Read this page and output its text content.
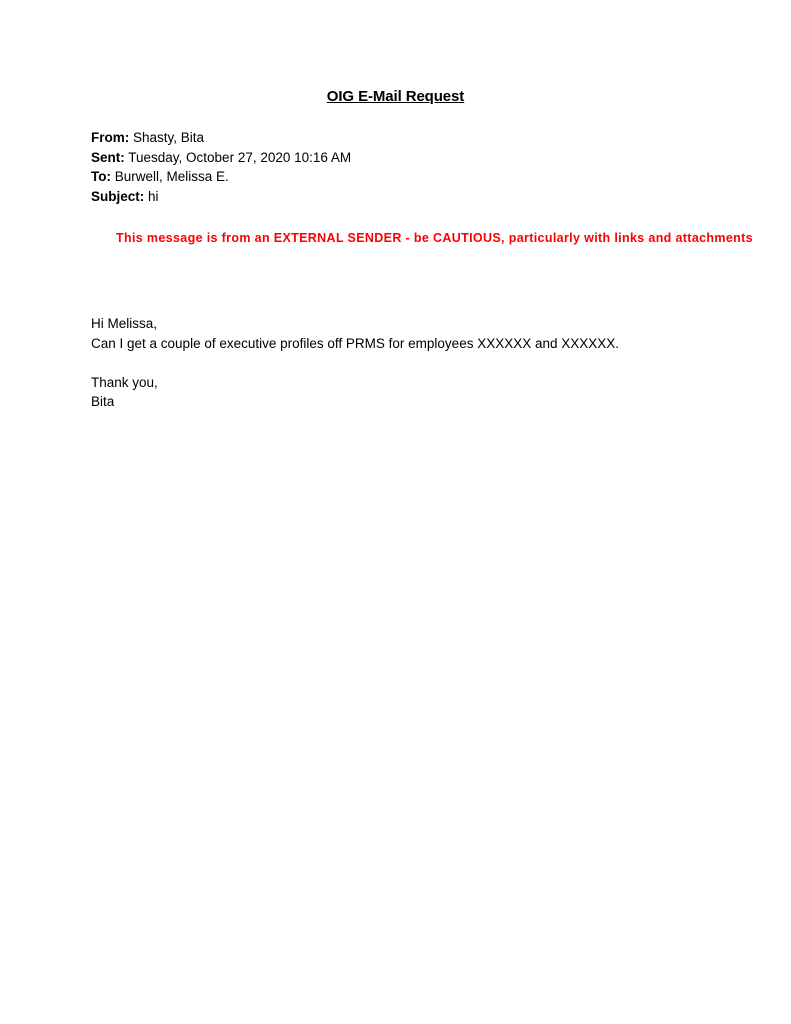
OIG E-Mail Request
From: Shasty, Bita
Sent: Tuesday, October 27, 2020 10:16 AM
To: Burwell, Melissa E.
Subject: hi
This message is from an EXTERNAL SENDER - be CAUTIOUS, particularly with links and attachments

Hi Melissa,

Can I get a couple of executive profiles off PRMS for employees XXXXXX and XXXXXX.

Thank you,

Bita
